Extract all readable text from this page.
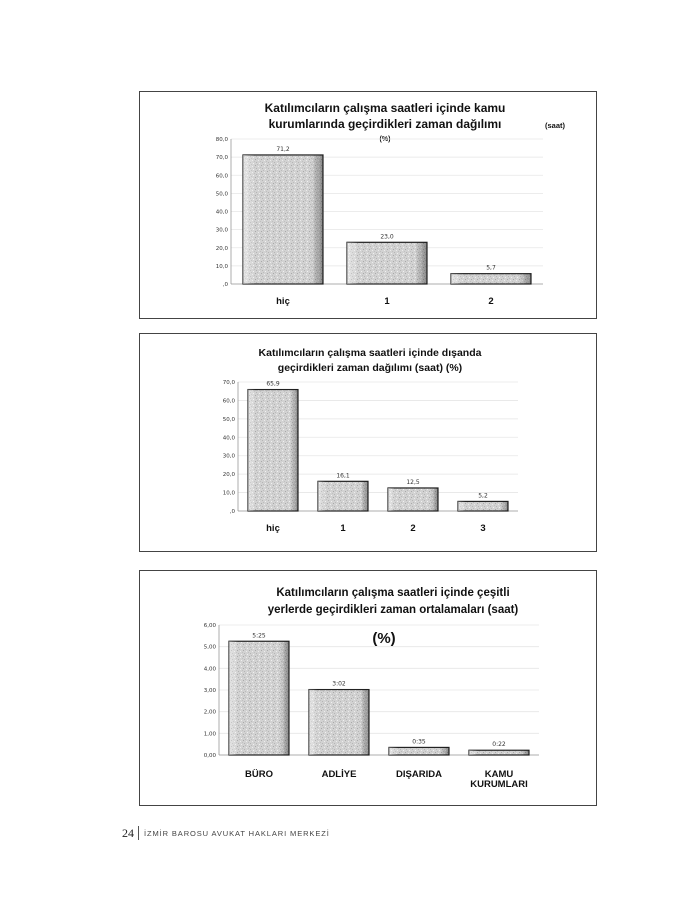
Katılımcıların çalışma saatleri içinde kamu
kurumlarında geçirdikleri zaman dağılımı	(saat)
(%)
80,0
70,0
60,0
50,0
40,0
30,0
20,0
10,0
,0
71,2
hiç
23,0
1
5,7
2
Katılımcıların çalışma saatleri içinde dışanda
geçirdikleri zaman dağılımı (saat) (%)
70,0
60,0
50,0
40,0
30,0
20,0
10,0
,0
65,9
hiç
16,1
1
12,5
2
5,2
3
Katılımcıların çalışma saatleri içinde çeşitli
yerlerde geçirdikleri zaman ortalamaları (saat)
(%)
6,00
5,00
4,00
3,00
2,00
1,00
0,00
5:25
BÜRO
3:02
ADLİYE
0:35
DIŞARIDA
0:22
KAMU
KURUMLARI
24 İZMİR BAROSU AVUKAT HAKLARI MERKEZİ
